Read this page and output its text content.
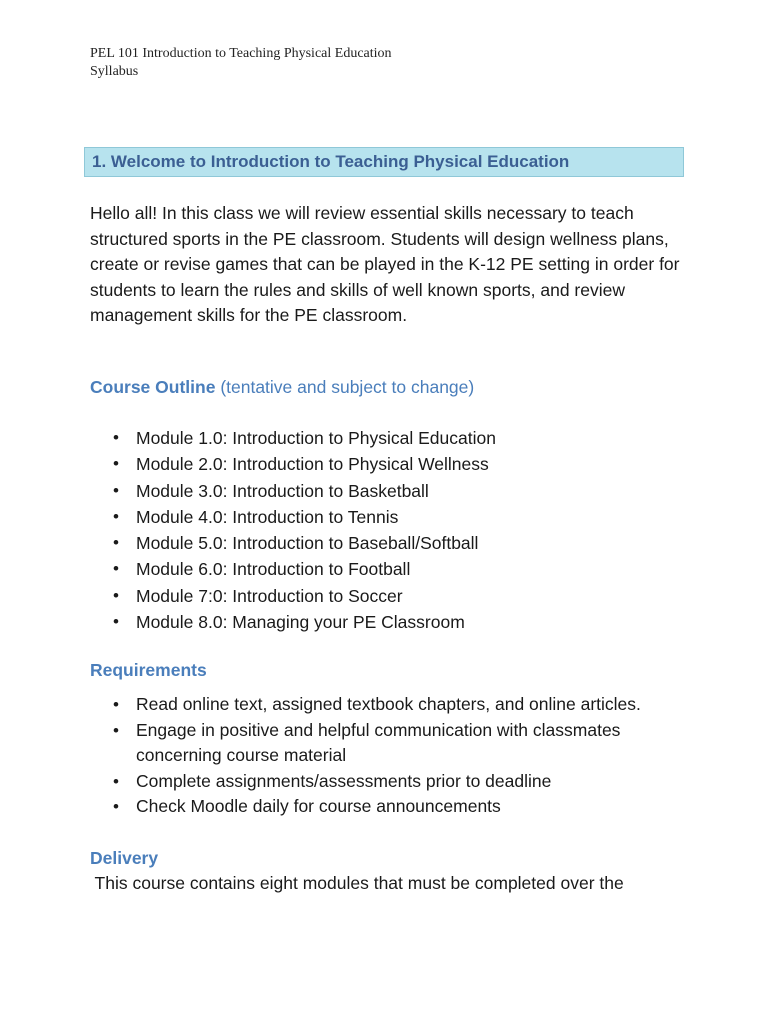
PEL 101 Introduction to Teaching Physical Education
Syllabus
1. Welcome to Introduction to Teaching Physical Education
Hello all! In this class we will review essential skills necessary to teach structured sports in the PE classroom. Students will design wellness plans, create or revise games that can be played in the K-12 PE setting in order for students to learn the rules and skills of well known sports, and review management skills for the PE classroom.
Course Outline (tentative and subject to change)
• Module 1.0: Introduction to Physical Education
• Module 2.0: Introduction to Physical Wellness
• Module 3.0: Introduction to Basketball
• Module 4.0: Introduction to Tennis
• Module 5.0: Introduction to Baseball/Softball
• Module 6.0: Introduction to Football
• Module 7:0: Introduction to Soccer
• Module 8.0: Managing your PE Classroom
Requirements
• Read online text, assigned textbook chapters, and online articles.
• Engage in positive and helpful communication with classmates concerning course material
• Complete assignments/assessments prior to deadline
• Check Moodle daily for course announcements
Delivery
This course contains eight modules that must be completed over the
